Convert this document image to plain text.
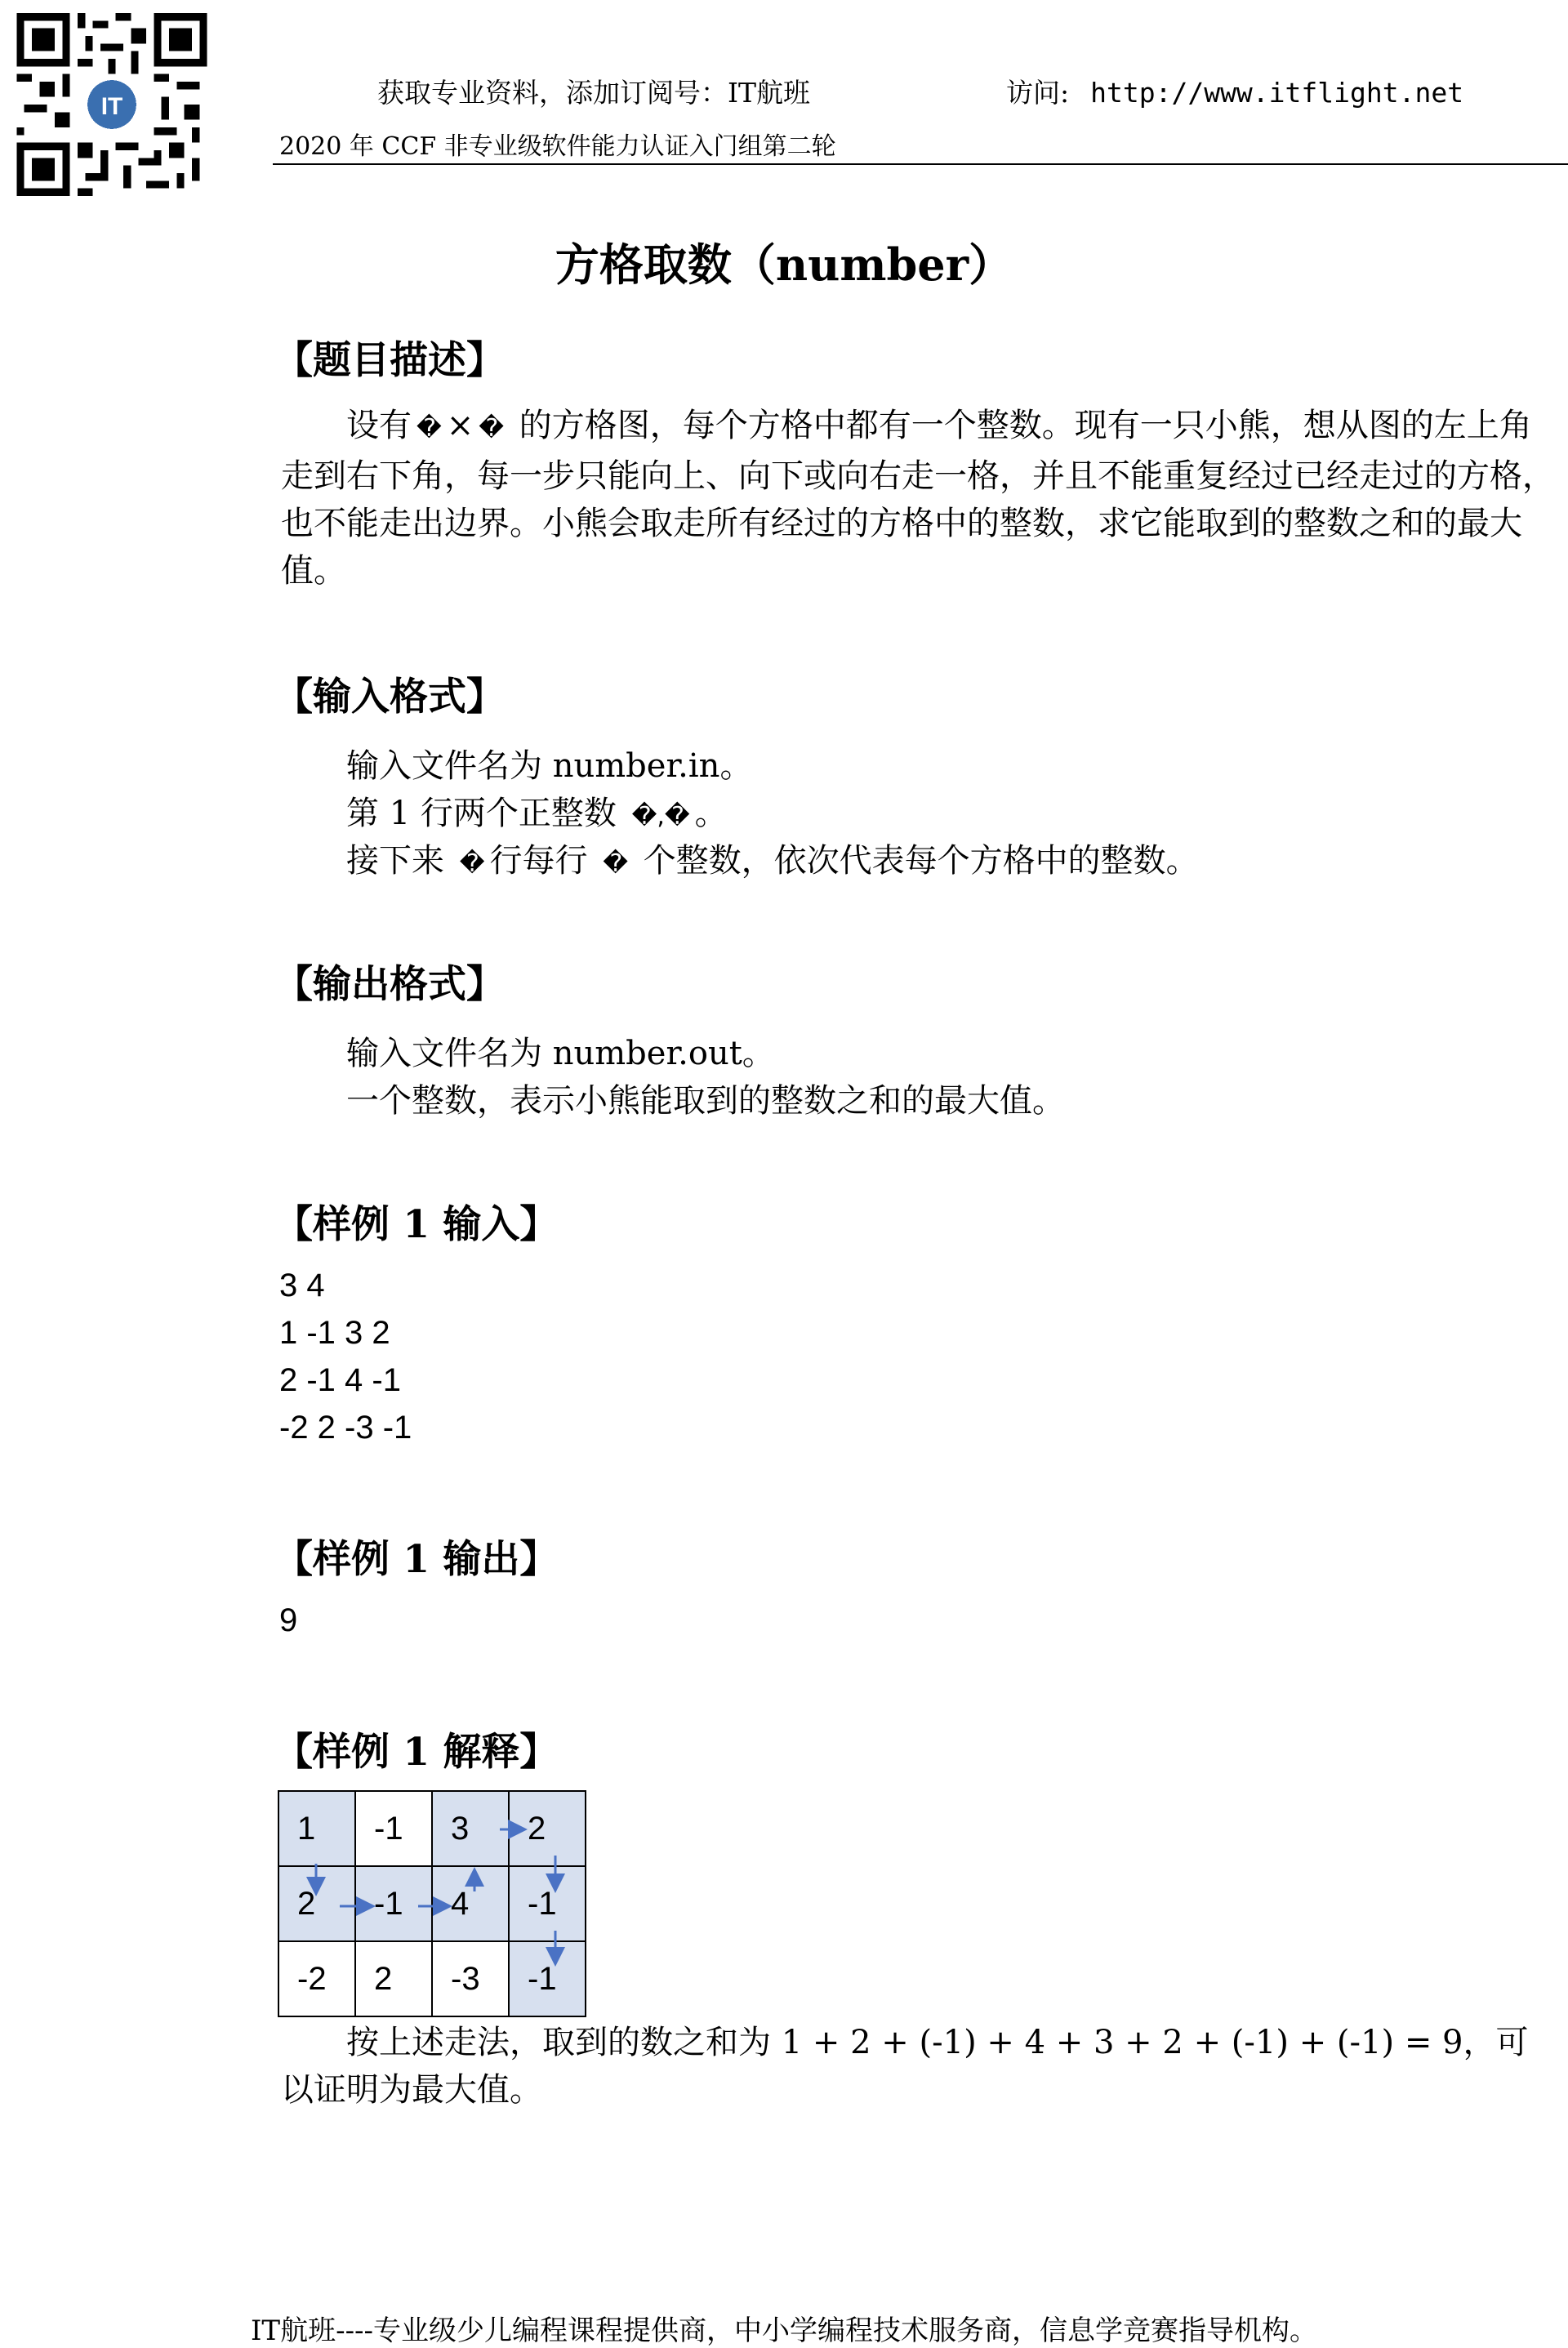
IT	获取专业资料，添加订阅号：IT航班	访问: http://www.itflight.net
2020 年 CCF 非专业级软件能力认证入门组第二轮
方格取数（number）
【题目描述】
设有 � × � 的方格图，每个方格中都有一个整数。现有一只小熊，想从图的左上角走到右下角，每一步只能向上、向下或向右走一格，并且不能重复经过已经走过的方格，也不能走出边界。小熊会取走所有经过的方格中的整数，求它能取到的整数之和的最大值。
【输入格式】
输入文件名为 number.in。
第 1 行两个正整数 �,� 。
接下来 � 行每行 � 个整数，依次代表每个方格中的整数。
【输出格式】
输入文件名为 number.out。
一个整数，表示小熊能取到的整数之和的最大值。
【样例 1 输入】
3 4
1 -1 3 2
2 -1 4 -1
-2 2 -3 -1
【样例 1 输出】
9
【样例 1 解释】
1	-1	3	2
2	-1	4	-1
-2	2	-3	-1
按上述走法，取到的数之和为 1 + 2 + (-1) + 4 + 3 + 2 + (-1) + (-1) = 9，可以证明为最大值。
IT航班----专业级少儿编程课程提供商，中小学编程技术服务商，信息学竞赛指导机构。
